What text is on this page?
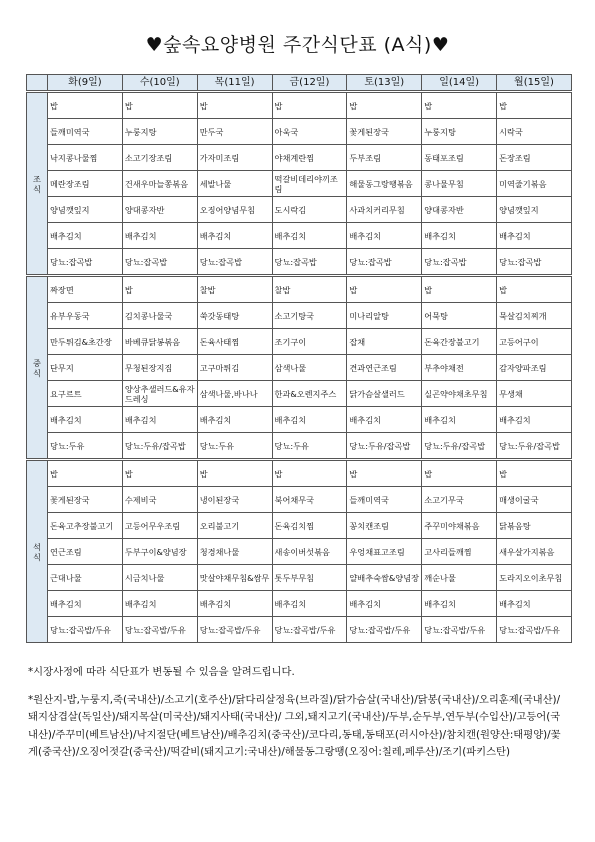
♥숲속요양병원 주간식단표 (A식)♥
	화(9일)	수(10일)	목(11일)	금(12일)	토(13일)	일(14일)	월(15일)
조
식	밥	밥	밥	밥	밥	밥	밥
	들깨미역국	누룽지탕	만두국	아욱국	꽃게된장국	누룽지탕	시락국
	낙지콩나물찜	소고기장조림	가자미조림	야채계란찜	두부조림	동태포조림	돈장조림
	메란장조림	건새우마늘쫑볶음	세발나물	떡갈비데리야끼조림	해물동그랑땡볶음	콩나물무침	미역줄기볶음
	양념깻잎지	양대콩자반	오징어양념무침	도시락김	사과치커리무침	양대콩자반	양념깻잎지
	배추김치	배추김치	배추김치	배추김치	배추김치	배추김치	배추김치
	당뇨:잡곡밥	당뇨:잡곡밥	당뇨:잡곡밥	당뇨:잡곡밥	당뇨:잡곡밥	당뇨:잡곡밥	당뇨:잡곡밥
중
식	짜장면	밥	찰밥	찰밥	밥	밥	밥
	유부우동국	김치콩나물국	쑥갓동태탕	소고기탕국	미나리알탕	어묵탕	묵살김치찌개
	만두튀김&초간장	바베큐닭봉볶음	돈육사태찜	조기구이	잡채	돈육간장불고기	고등어구이
	단무지	무청된장지짐	고구마튀김	삼색나물	견과연근조림	부추야채전	감자양파조림
	요구르트	양상추샐러드&유자드레싱	삼색나물,바나나	한과&오렌지주스	닭가슴살샐러드	실곤약야채초무침	무생채
	배추김치	배추김치	배추김치	배추김치	배추김치	배추김치	배추김치
	당뇨:두유	당뇨:두유/잡곡밥	당뇨:두유	당뇨:두유	당뇨:두유/잡곡밥	당뇨:두유/잡곡밥	당뇨:두유/잡곡밥
석
식	밥	밥	밥	밥	밥	밥	밥
	꽃게된장국	수제비국	냉이된장국	북어채무국	들깨미역국	소고기무국	매생이굴국
	돈육고추장불고기	고등어무우조림	오리불고기	돈육김치찜	꽁치캔조림	주꾸미야채볶음	닭볶음탕
	연근조림	두부구이&양념장	청경채나물	새송이버섯볶음	우엉채표고조림	고사리들깨찜	새우살가지볶음
	근대나물	시금치나물	맛살야채무침&쌈무	톳두부무침	얄배추숙쌈&양념장	깨순나물	도라지오이초무침
	배추김치	배추김치	배추김치	배추김치	배추김치	배추김치	배추김치
	당뇨:잡곡밥/두유	당뇨:잡곡밥/두유	당뇨:잡곡밥/두유	당뇨:잡곡밥/두유	당뇨:잡곡밥/두유	당뇨:잡곡밥/두유	당뇨:잡곡밥/두유

*시장사정에 따라 식단표가 변동될 수 있음을 알려드립니다.

*원산지-밥,누룽지,죽(국내산)/소고기(호주산)/닭다리살정육(브라질)/닭가슴살(국내산)/닭봉(국내산)/오리훈제(국내산)/돼지삼겹살(독일산)/돼지목살(미국산)/돼지사태(국내산)/ 그외,돼지고기(국내산)/두부,순두부,연두부(수입산)/고등어(국내산)/주꾸미(베트남산)/낙지절단(베트남산)/배추김치(중국산)/코다리,동태,동태포(러시아산)/참치캔(원양산:태평양)/꽃게(중국산)/오징어젓갈(중국산)/떡갈비(돼지고기:국내산)/해물동그랑땡(오징어:칠레,페루산)/조기(파키스탄)
